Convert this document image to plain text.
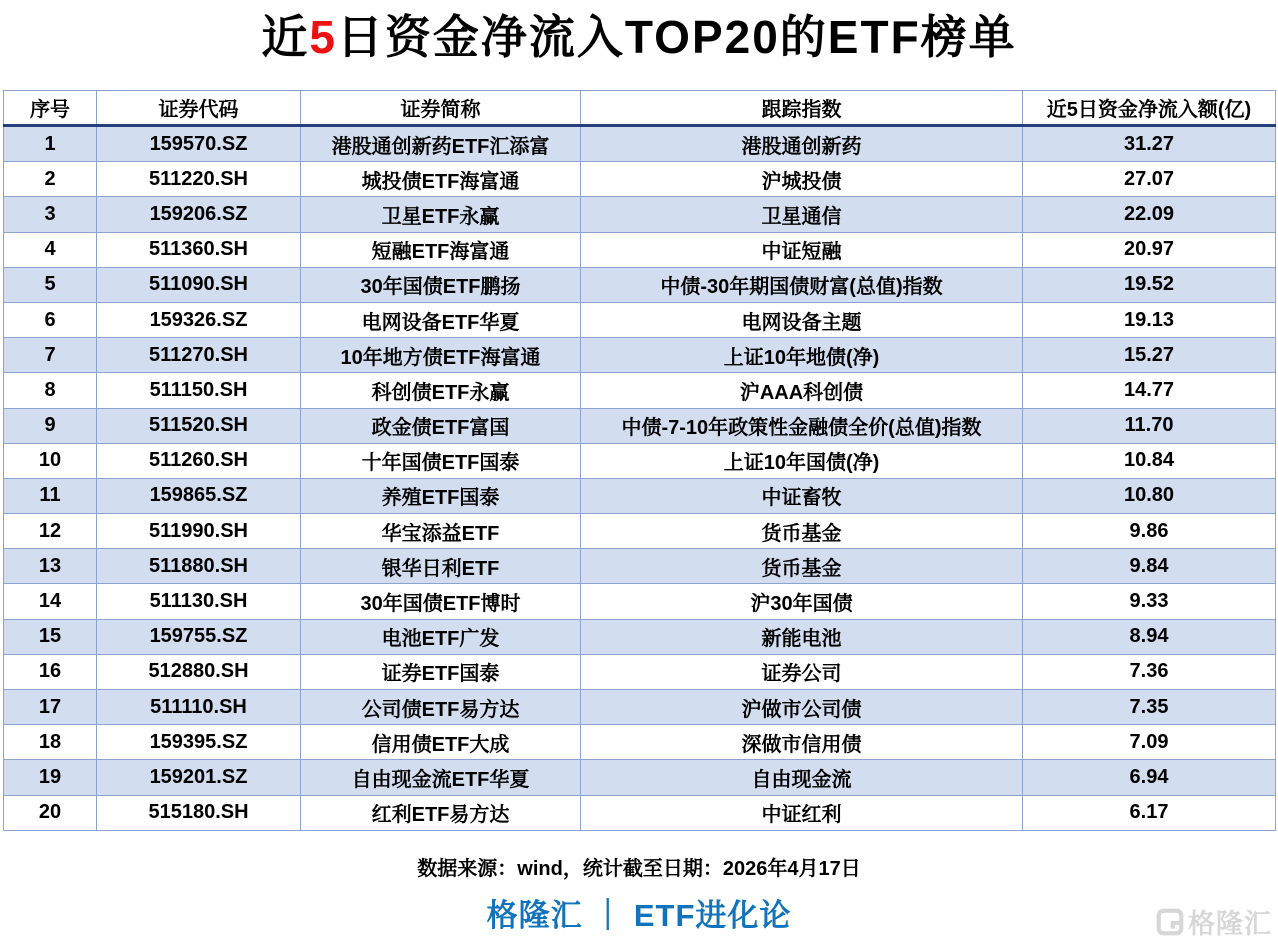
近5日资金净流入TOP20的ETF榜单
序号	证券代码	证券简称	跟踪指数	近5日资金净流入额(亿)
1	159570.SZ	港股通创新药ETF汇添富	港股通创新药	31.27
2	511220.SH	城投债ETF海富通	沪城投债	27.07
3	159206.SZ	卫星ETF永赢	卫星通信	22.09
4	511360.SH	短融ETF海富通	中证短融	20.97
5	511090.SH	30年国债ETF鹏扬	中债-30年期国债财富(总值)指数	19.52
6	159326.SZ	电网设备ETF华夏	电网设备主题	19.13
7	511270.SH	10年地方债ETF海富通	上证10年地债(净)	15.27
8	511150.SH	科创债ETF永赢	沪AAA科创债	14.77
9	511520.SH	政金债ETF富国	中债-7-10年政策性金融债全价(总值)指数	11.70
10	511260.SH	十年国债ETF国泰	上证10年国债(净)	10.84
11	159865.SZ	养殖ETF国泰	中证畜牧	10.80
12	511990.SH	华宝添益ETF	货币基金	9.86
13	511880.SH	银华日利ETF	货币基金	9.84
14	511130.SH	30年国债ETF博时	沪30年国债	9.33
15	159755.SZ	电池ETF广发	新能电池	8.94
16	512880.SH	证券ETF国泰	证券公司	7.36
17	511110.SH	公司债ETF易方达	沪做市公司债	7.35
18	159395.SZ	信用债ETF大成	深做市信用债	7.09
19	159201.SZ	自由现金流ETF华夏	自由现金流	6.94
20	515180.SH	红利ETF易方达	中证红利	6.17
数据来源：wind，统计截至日期：2026年4月17日
格隆汇 ｜ ETF进化论	格隆汇
